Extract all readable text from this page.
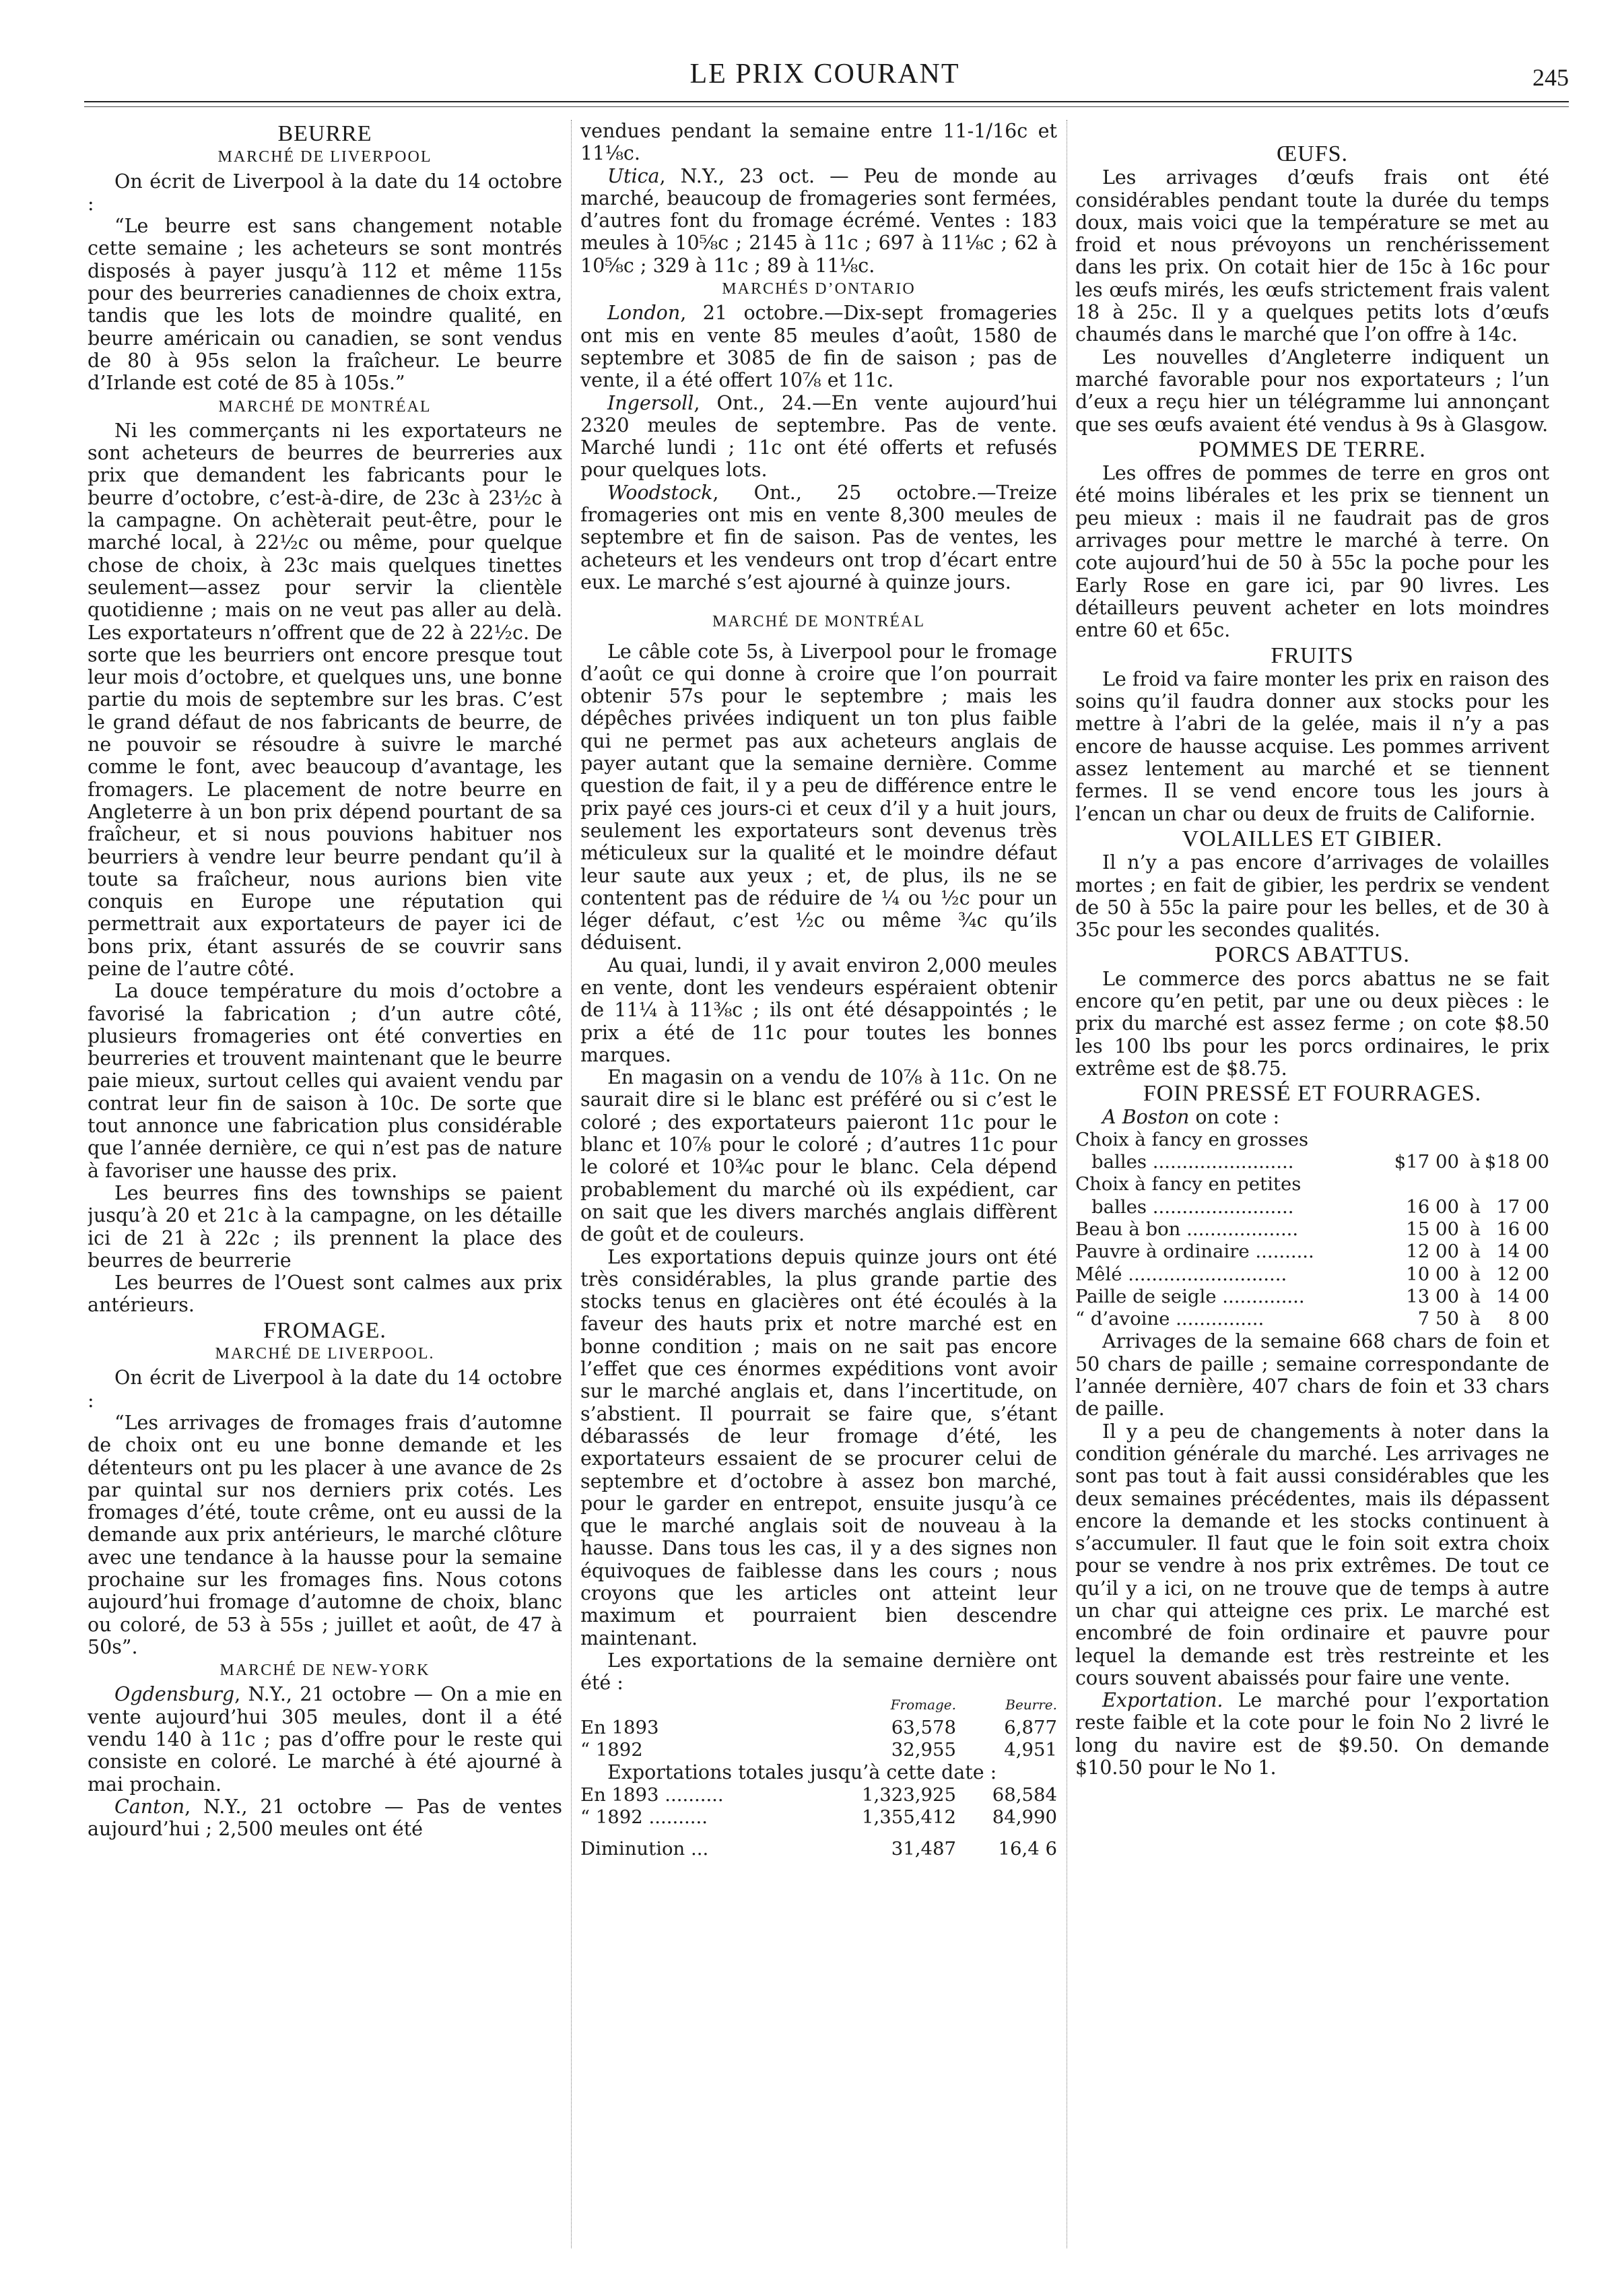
LE PRIX COURANT	245
BEURRE
MARCHÉ DE LIVERPOOL

On écrit de Liverpool à la date du 14 octobre :

“Le beurre est sans changement notable cette semaine ; les acheteurs se sont montrés disposés à payer jusqu’à 112 et même 115s pour des beurreries canadiennes de choix extra, tandis que les lots de moindre qualité, en beurre américain ou canadien, se sont vendus de 80 à 95s selon la fraîcheur. Le beurre d’Irlande est coté de 85 à 105s.”

MARCHÉ DE MONTRÉAL

Ni les commerçants ni les exportateurs ne sont acheteurs de beurres de beurreries aux prix que demandent les fabricants pour le beurre d’octobre, c’est-à-dire, de 23c à 23½c à la campagne. On achèterait peut-être, pour le marché local, à 22½c ou même, pour quelque chose de choix, à 23c mais quelques tinettes seulement—assez pour servir la clientèle quotidienne ; mais on ne veut pas aller au delà. Les exportateurs n’offrent que de 22 à 22½c. De sorte que les beurriers ont encore presque tout leur mois d’octobre, et quelques uns, une bonne partie du mois de septembre sur les bras. C’est le grand défaut de nos fabricants de beurre, de ne pouvoir se résoudre à suivre le marché comme le font, avec beaucoup d’avantage, les fromagers. Le placement de notre beurre en Angleterre à un bon prix dépend pourtant de sa fraîcheur, et si nous pouvions habituer nos beurriers à vendre leur beurre pendant qu’il à toute sa fraîcheur, nous aurions bien vite conquis en Europe une réputation qui permettrait aux exportateurs de payer ici de bons prix, étant assurés de se couvrir sans peine de l’autre côté.

La douce température du mois d’octobre a favorisé la fabrication ; d’un autre côté, plusieurs fromageries ont été converties en beurreries et trouvent maintenant que le beurre paie mieux, surtout celles qui avaient vendu par contrat leur fin de saison à 10c. De sorte que tout annonce une fabrication plus considérable que l’année dernière, ce qui n’est pas de nature à favoriser une hausse des prix.

Les beurres fins des townships se paient jusqu’à 20 et 21c à la campagne, on les détaille ici de 21 à 22c ; ils prennent la place des beurres de beurrerie

Les beurres de l’Ouest sont calmes aux prix antérieurs.

FROMAGE.
MARCHÉ DE LIVERPOOL.

On écrit de Liverpool à la date du 14 octobre :

“Les arrivages de fromages frais d’automne de choix ont eu une bonne demande et les détenteurs ont pu les placer à une avance de 2s par quintal sur nos derniers prix cotés. Les fromages d’été, toute crême, ont eu aussi de la demande aux prix antérieurs, le marché clôture avec une tendance à la hausse pour la semaine prochaine sur les fromages fins. Nous cotons aujourd’hui fromage d’automne de choix, blanc ou coloré, de 53 à 55s ; juillet et août, de 47 à 50s”.

MARCHÉ DE NEW-YORK

Ogdensburg, N.Y., 21 octobre — On a mie en vente aujourd’hui 305 meules, dont il a été vendu 140 à 11c ; pas d’offre pour le reste qui consiste en coloré. Le marché à été ajourné à mai prochain.

Canton, N.Y., 21 octobre — Pas de ventes aujourd’hui ; 2,500 meules ont été

vendues pendant la semaine entre 11-1/16c et 11⅛c.

Utica, N.Y., 23 oct. — Peu de monde au marché, beaucoup de fromageries sont fermées, d’autres font du fromage écrémé. Ventes : 183 meules à 10⅝c ; 2145 à 11c ; 697 à 11⅛c ; 62 à 10⅝c ; 329 à 11c ; 89 à 11⅛c.

MARCHÉS D’ONTARIO

London, 21 octobre.—Dix-sept fromageries ont mis en vente 85 meules d’août, 1580 de septembre et 3085 de fin de saison ; pas de vente, il a été offert 10⅞ et 11c.

Ingersoll, Ont., 24.—En vente aujourd’hui 2320 meules de septembre. Pas de vente. Marché lundi ; 11c ont été offerts et refusés pour quelques lots.

Woodstock, Ont., 25 octobre.—Treize fromageries ont mis en vente 8,300 meules de septembre et fin de saison. Pas de ventes, les acheteurs et les vendeurs ont trop d’écart entre eux. Le marché s’est ajourné à quinze jours.

MARCHÉ DE MONTRÉAL

Le câble cote 5s, à Liverpool pour le fromage d’août ce qui donne à croire que l’on pourrait obtenir 57s pour le septembre ; mais les dépêches privées indiquent un ton plus faible qui ne permet pas aux acheteurs anglais de payer autant que la semaine dernière. Comme question de fait, il y a peu de différence entre le prix payé ces jours-ci et ceux d’il y a huit jours, seulement les exportateurs sont devenus très méticuleux sur la qualité et le moindre défaut leur saute aux yeux ; et, de plus, ils ne se contentent pas de réduire de ¼ ou ½c pour un léger défaut, c’est ½c ou même ¾c qu’ils déduisent.

Au quai, lundi, il y avait environ 2,000 meules en vente, dont les vendeurs espéraient obtenir de 11¼ à 11⅜c ; ils ont été désappointés ; le prix a été de 11c pour toutes les bonnes marques.

En magasin on a vendu de 10⅞ à 11c. On ne saurait dire si le blanc est préféré ou si c’est le coloré ; des exportateurs paieront 11c pour le blanc et 10⅞ pour le coloré ; d’autres 11c pour le coloré et 10¾c pour le blanc. Cela dépend probablement du marché où ils expédient, car on sait que les divers marchés anglais diffèrent de goût et de couleurs.

Les exportations depuis quinze jours ont été très considérables, la plus grande partie des stocks tenus en glacières ont été écoulés à la faveur des hauts prix et notre marché est en bonne condition ; mais on ne sait pas encore l’effet que ces énormes expéditions vont avoir sur le marché anglais et, dans l’incertitude, on s’abstient. Il pourrait se faire que, s’étant débarassés de leur fromage d’été, les exportateurs essaient de se procurer celui de septembre et d’octobre à assez bon marché, pour le garder en entrepot, ensuite jusqu’à ce que le marché anglais soit de nouveau à la hausse. Dans tous les cas, il y a des signes non équivoques de faiblesse dans les cours ; nous croyons que les articles ont atteint leur maximum et pourraient bien descendre maintenant.

Les exportations de la semaine dernière ont été :

Fromage.	Beurre.
En 1893	63,578	6,877
“ 1892	32,955	4,951

Exportations totales jusqu’à cette date :

En 1893 ..........	1,323,925	68,584
“ 1892 ..........	1,355,412	84,990
Diminution ...	31,487	16,4 6
ŒUFS.

Les arrivages d’œufs frais ont été considérables pendant toute la durée du temps doux, mais voici que la température se met au froid et nous prévoyons un renchérissement dans les prix. On cotait hier de 15c à 16c pour les œufs mirés, les œufs strictement frais valent 18 à 25c. Il y a quelques petits lots d’œufs chaumés dans le marché que l’on offre à 14c.

Les nouvelles d’Angleterre indiquent un marché favorable pour nos exportateurs ; l’un d’eux a reçu hier un télégramme lui annonçant que ses œufs avaient été vendus à 9s à Glasgow.

POMMES DE TERRE.

Les offres de pommes de terre en gros ont été moins libérales et les prix se tiennent un peu mieux : mais il ne faudrait pas de gros arrivages pour mettre le marché à terre. On cote aujourd’hui de 50 à 55c la poche pour les Early Rose en gare ici, par 90 livres. Les détailleurs peuvent acheter en lots moindres entre 60 et 65c.

FRUITS

Le froid va faire monter les prix en raison des soins qu’il faudra donner aux stocks pour les mettre à l’abri de la gelée, mais il n’y a pas encore de hausse acquise. Les pommes arrivent assez lentement au marché et se tiennent fermes. Il se vend encore tous les jours à l’encan un char ou deux de fruits de Californie.

VOLAILLES ET GIBIER.

Il n’y a pas encore d’arrivages de volailles mortes ; en fait de gibier, les perdrix se vendent de 50 à 55c la paire pour les belles, et de 30 à 35c pour les secondes qualités.

PORCS ABATTUS.

Le commerce des porcs abattus ne se fait encore qu’en petit, par une ou deux pièces : le prix du marché est assez ferme ; on cote $8.50 les 100 lbs pour les porcs ordinaires, le prix extrême est de $8.75.

FOIN PRESSÉ ET FOURRAGES.

A Boston on cote :

Choix à fancy en grosses
balles ........................	$17 00 à $18 00
Choix à fancy en petites
balles ........................	16 00 à 17 00
Beau à bon ...................	15 00 à 16 00
Pauvre à ordinaire ..........	12 00 à 14 00
Mêlé ...........................	10 00 à 12 00
Paille de seigle ..............	13 00 à 14 00
“ d’avoine ...............	7 50 à	8 00

Arrivages de la semaine 668 chars de foin et 50 chars de paille ; semaine correspondante de l’année dernière, 407 chars de foin et 33 chars de paille.

Il y a peu de changements à noter dans la condition générale du marché. Les arrivages ne sont pas tout à fait aussi considérables que les deux semaines précédentes, mais ils dépassent encore la demande et les stocks continuent à s’accumuler. Il faut que le foin soit extra choix pour se vendre à nos prix extrêmes. De tout ce qu’il y a ici, on ne trouve que de temps à autre un char qui atteigne ces prix. Le marché est encombré de foin ordinaire et pauvre pour lequel la demande est très restreinte et les cours souvent abaissés pour faire une vente.

Exportation. Le marché pour l’exportation reste faible et la cote pour le foin No 2 livré le long du navire est de $9.50. On demande $10.50 pour le No 1.
